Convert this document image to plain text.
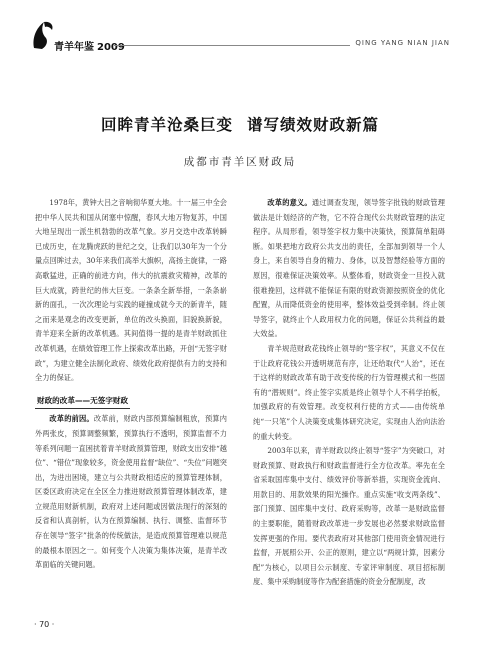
青羊年鉴 2009	QING YANG NIAN JIAN
回眸青羊沧桑巨变 谱写绩效财政新篇
成都市青羊区财政局

1978年，黄钟大吕之音响彻华夏大地。十一届三中全会把中华人民共和国从闭塞中惊醒，春风大地万物复苏，中国大地呈现出一派生机勃勃的改革气象。岁月交迭中改革转瞬已成历史，在龙腾虎跃的世纪之交，让我们以30年为一个分量点回眸过去，30年来我们高举大旗帜，高扬主旋律，一路高歌猛进，正确的前进方向，伟大的抗震救灾精神，改革的巨大成就，跨世纪的伟大巨变。一条条全新举措，一条条崭新的面孔，一次次理论与实践的碰撞成就今天的新青羊，随之而来是观念的改变更新，单位的改头换面，旧貌换新貌，青羊迎来全新的改革机遇。其间值得一提的是青羊财政抓住改革机遇，在绩效管理工作上探索改革出路，开创“无签字财政”，为建立健全法制化政府、绩效化政府提供有力的支持和全力的保证。

财政的改革——无签字财政

改革的前因。改革前，财政内部预算编制粗放，预算内外两张皮，预算调整频繁，预算执行不透明，预算监督不力等系列问题一直困扰着青羊财政预算管理，财政支出安排“越位”、“错位”现象较多，资金使用监督“缺位”、“失位”问题突出，为进出困境，建立与公共财政相适应的预算管理体制，区委区政府决定在全区全力推进财政预算管理体制改革，建立规范用财新机制，政府对上述问题或因做法现行的深刻的反省和认真剖析，认为在预算编制、执行、调整、监督环节存在领导“签字”批条的传统做法，是造成预算管理难以规范的最根本原因之一。如何变个人决策为集体决策，是青羊改革面临的关键问题。

改革的意义。通过调查发现，领导签字批钱的财政管理做法是计划经济的产物，它不符合现代公共财政管理的法定程序。从局形看，领导签字权力集中决策快，预算简单阻碍断。如果把地方政府公共支出的责任，全部加到领导一个人身上，来自领导自身的精力、身体，以及智慧经验等方面的原因，很难保证决策效率。从整体看，财政资金一旦投入就很难挽回，这样就不能保证有限的财政资源按照资金的优化配置，从而降低资金的使用率，整体效益受到牵制。终止领导签字，就终止个人政用权力化的问题，保证公共利益的最大效益。

青羊规范财政花钱终止领导的“签字权”，其意义不仅在于让政府花钱公开透明规范有序，让还给取代“人治”，还在于这样的财政改革有助于改变传统的行为管理模式和一些固有的“潜规则”。终止签字实质是终止领导个人不科学拍板，加强政府的有效管理。改变权利行使的方式——由传统单纯“一只笔”个人决策变成集体研究决定，实现由人治向法治的重大转变。

2003年以来，青羊财政以终止领导“签字”为突破口，对财政预算、财政执行和财政监督进行全方位改革。率先在全省采取国库集中支付、绩效评价等新举措，实现资金流向、用款目的、用款效果的阳光操作。重点实施“收支两条线”、部门预算、国库集中支付、政府采购等，改革一是财政监督的主要职能，随着财政改革进一步发展也必然要求财政监督发挥更强的作用。要代表政府对其他部门使用资金情况进行监督，开展照公开、公正的原则，建立以“两规计算，因素分配”为核心，以项目公示制度、专家评审制度、项目招标制度、集中采购制度等作为配套措施的资金分配制度，改

· 70 ·
